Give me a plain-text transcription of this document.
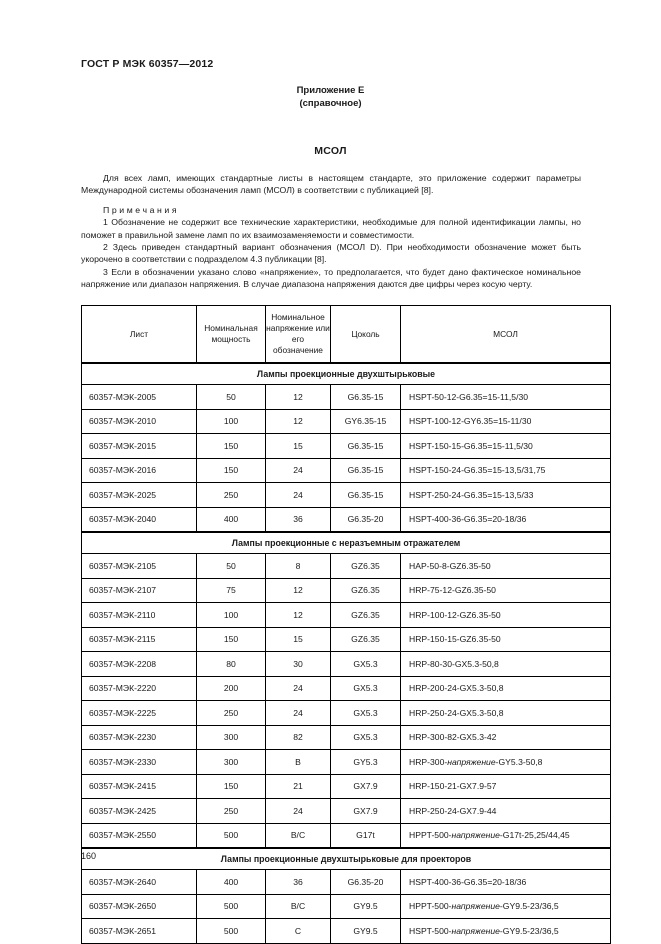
ГОСТ Р МЭК 60357—2012
Приложение Е
(справочное)
МСОЛ

Для всех ламп, имеющих стандартные листы в настоящем стандарте, это приложение содержит параметры Международной системы обозначения ламп (МСОЛ) в соответствии с публикацией [8].

Примечания

1 Обозначение не содержит все технические характеристики, необходимые для полной идентификации лампы, но поможет в правильной замене ламп по их взаимозаменяемости и совместимости.

2 Здесь приведен стандартный вариант обозначения (МСОЛ D). При необходимости обозначение может быть укорочено в соответствии с подразделом 4.3 публикации [8].

3 Если в обозначении указано слово «напряжение», то предполагается, что будет дано фактическое номинальное напряжение или диапазон напряжения. В случае диапазона напряжения даются две цифры через косую черту.

Лист	Номинальная мощность	Номинальное напряжение или его обозначение	Цоколь	МСОЛ
Лампы проекционные двухштырьковые				
60357-МЭК-2005	50	12	G6.35-15	HSPT-50-12-G6.35=15-11,5/30
60357-МЭК-2010	100	12	GY6.35-15	HSPT-100-12-GY6.35=15-11/30
60357-МЭК-2015	150	15	G6.35-15	HSPT-150-15-G6.35=15-11,5/30
60357-МЭК-2016	150	24	G6.35-15	HSPT-150-24-G6.35=15-13,5/31,75
60357-МЭК-2025	250	24	G6.35-15	HSPT-250-24-G6.35=15-13,5/33
60357-МЭК-2040	400	36	G6.35-20	HSPT-400-36-G6.35=20-18/36
Лампы проекционные с неразъемным отражателем				
60357-МЭК-2105	50	8	GZ6.35	HAP-50-8-GZ6.35-50
60357-МЭК-2107	75	12	GZ6.35	HRP-75-12-GZ6.35-50
60357-МЭК-2110	100	12	GZ6.35	HRP-100-12-GZ6.35-50
60357-МЭК-2115	150	15	GZ6.35	HRP-150-15-GZ6.35-50
60357-МЭК-2208	80	30	GX5.3	HRP-80-30-GX5.3-50,8
60357-МЭК-2220	200	24	GX5.3	HRP-200-24-GX5.3-50,8
60357-МЭК-2225	250	24	GX5.3	HRP-250-24-GX5.3-50,8
60357-МЭК-2230	300	82	GX5.3	HRP-300-82-GX5.3-42
60357-МЭК-2330	300	В	GY5.3	HRP-300-напряжение-GY5.3-50,8
60357-МЭК-2415	150	21	GX7.9	HRP-150-21-GX7.9-57
60357-МЭК-2425	250	24	GX7.9	HRP-250-24-GX7.9-44
60357-МЭК-2550	500	В/С	G17t	HPPT-500-напряжение-G17t-25,25/44,45
Лампы проекционные двухштырьковые для проекторов				
60357-МЭК-2640	400	36	G6.35-20	HSPT-400-36-G6.35=20-18/36
60357-МЭК-2650	500	В/С	GY9.5	HPPT-500-напряжение-GY9.5-23/36,5
60357-МЭК-2651	500	С	GY9.5	HSPT-500-напряжение-GY9.5-23/36,5
160
